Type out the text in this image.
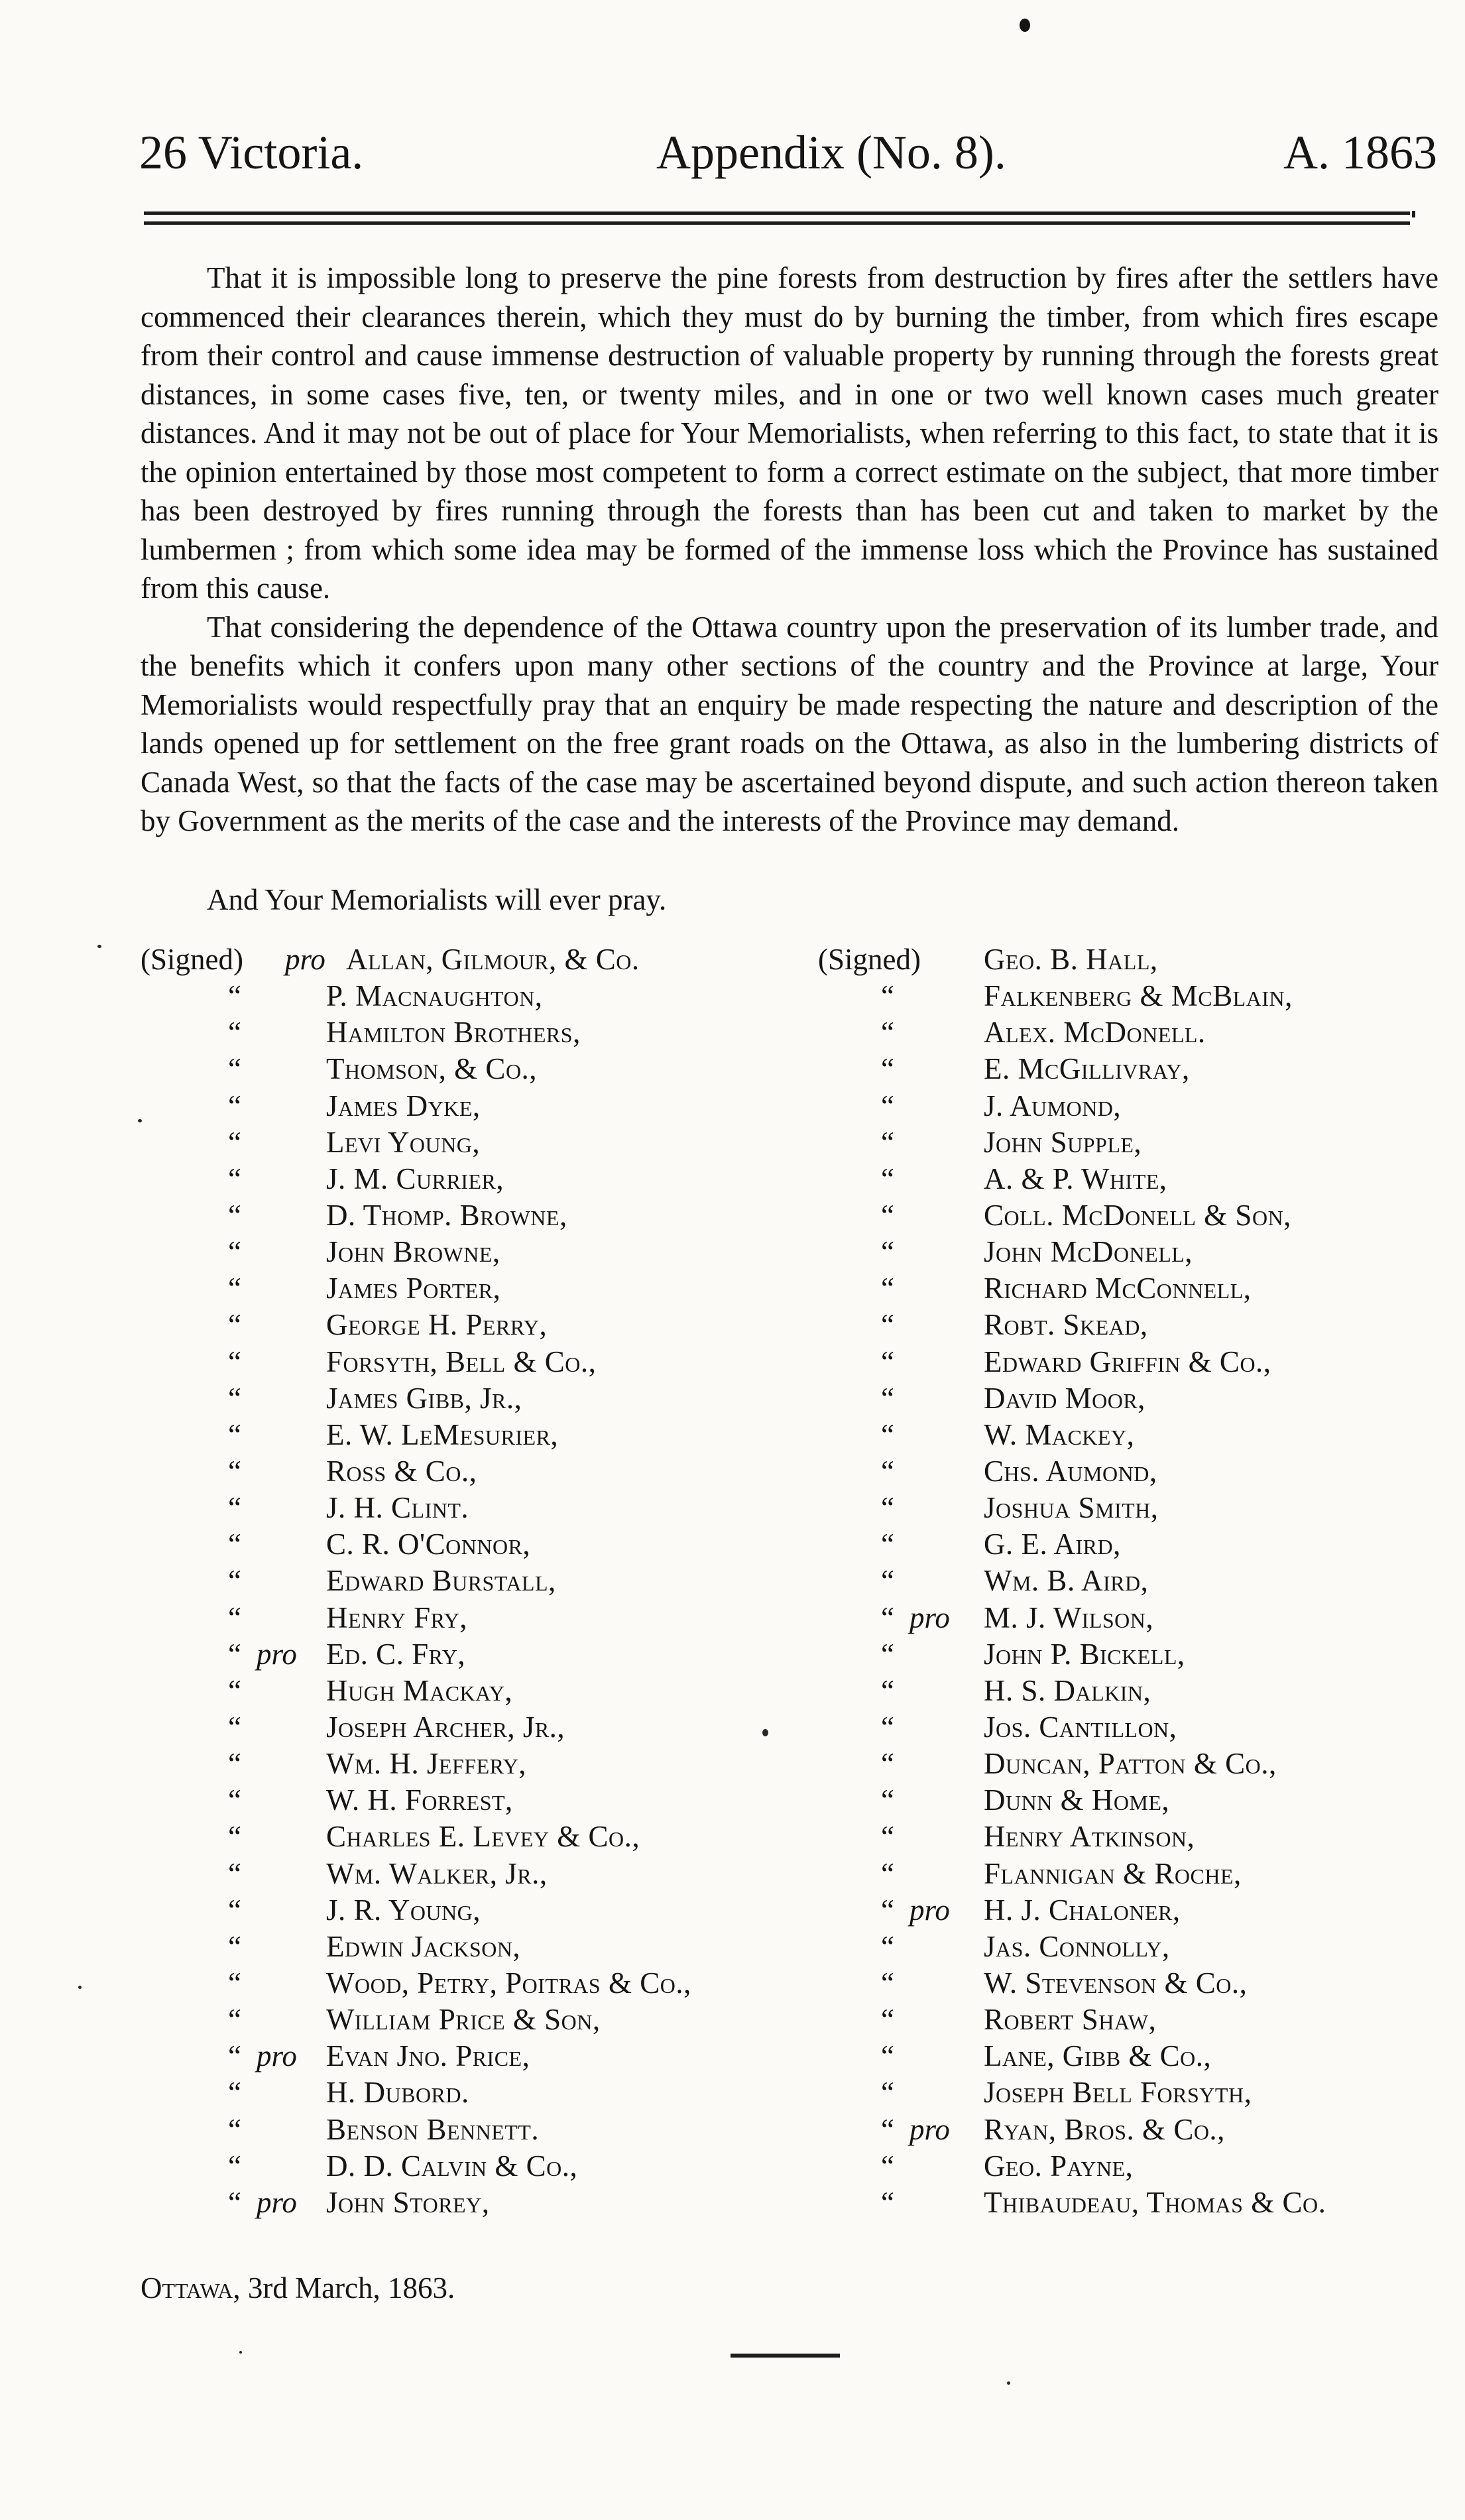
26 Victoria.	Appendix (No. 8).	A. 1863

That it is impossible long to preserve the pine forests from destruction by fires after the settlers have commenced their clearances therein, which they must do by burning the timber, from which fires escape from their control and cause immense destruction of valuable property by running through the forests great distances, in some cases five, ten, or twenty miles, and in one or two well known cases much greater distances. And it may not be out of place for Your Memorialists, when referring to this fact, to state that it is the opinion entertained by those most competent to form a correct estimate on the subject, that more timber has been destroyed by fires running through the forests than has been cut and taken to market by the lumbermen ; from which some idea may be formed of the immense loss which the Province has sustained from this cause.

That considering the dependence of the Ottawa country upon the preservation of its lumber trade, and the benefits which it confers upon many other sections of the country and the Province at large, Your Memorialists would respectfully pray that an enquiry be made respecting the nature and description of the lands opened up for settlement on the free grant roads on the Ottawa, as also in the lumbering districts of Canada West, so that the facts of the case may be ascertained beyond dispute, and such action thereon taken by Government as the merits of the case and the interests of the Province may demand.

And Your Memorialists will ever pray.
(Signed) pro Allan, Gilmour, & Co.
“	P. Macnaughton,
“	Hamilton Brothers,
“	Thomson, & Co.,
“	James Dyke,
“	Levi Young,
“	J. M. Currier,
“	D. Thomp. Browne,
“	John Browne,
“	James Porter,
“	George H. Perry,
“	Forsyth, Bell & Co.,
“	James Gibb, Jr.,
“	E. W. LeMesurier,
“	Ross & Co.,
“	J. H. Clint.
“	C. R. O'Connor,
“	Edward Burstall,
“	Henry Fry,
“ pro Ed. C. Fry,
“	Hugh Mackay,
“	Joseph Archer, Jr.,
“	Wm. H. Jeffery,
“	W. H. Forrest,
“	Charles E. Levey & Co.,
“	Wm. Walker, Jr.,
“	J. R. Young,
“	Edwin Jackson,
“	Wood, Petry, Poitras & Co.,
“	William Price & Son,
“ pro Evan Jno. Price,
“	H. Dubord.
“	Benson Bennett.
“	D. D. Calvin & Co.,
“ pro John Storey,
(Signed) Geo. B. Hall,
“	Falkenberg & McBlain,
“	Alex. McDonell.
“	E. McGillivray,
“	J. Aumond,
“	John Supple,
“	A. & P. White,
“	Coll. McDonell & Son,
“	John McDonell,
“	Richard McConnell,
“	Robt. Skead,
“	Edward Griffin & Co.,
“	David Moor,
“	W. Mackey,
“	Chs. Aumond,
“	Joshua Smith,
“	G. E. Aird,
“	Wm. B. Aird,
“ pro M. J. Wilson,
“	John P. Bickell,
“	H. S. Dalkin,
“	Jos. Cantillon,
“	Duncan, Patton & Co.,
“	Dunn & Home,
“	Henry Atkinson,
“	Flannigan & Roche,
“ pro H. J. Chaloner,
“	Jas. Connolly,
“	W. Stevenson & Co.,
“	Robert Shaw,
“	Lane, Gibb & Co.,
“	Joseph Bell Forsyth,
“ pro Ryan, Bros. & Co.,
“	Geo. Payne,
“	Thibaudeau, Thomas & Co.
Ottawa, 3rd March, 1863.
